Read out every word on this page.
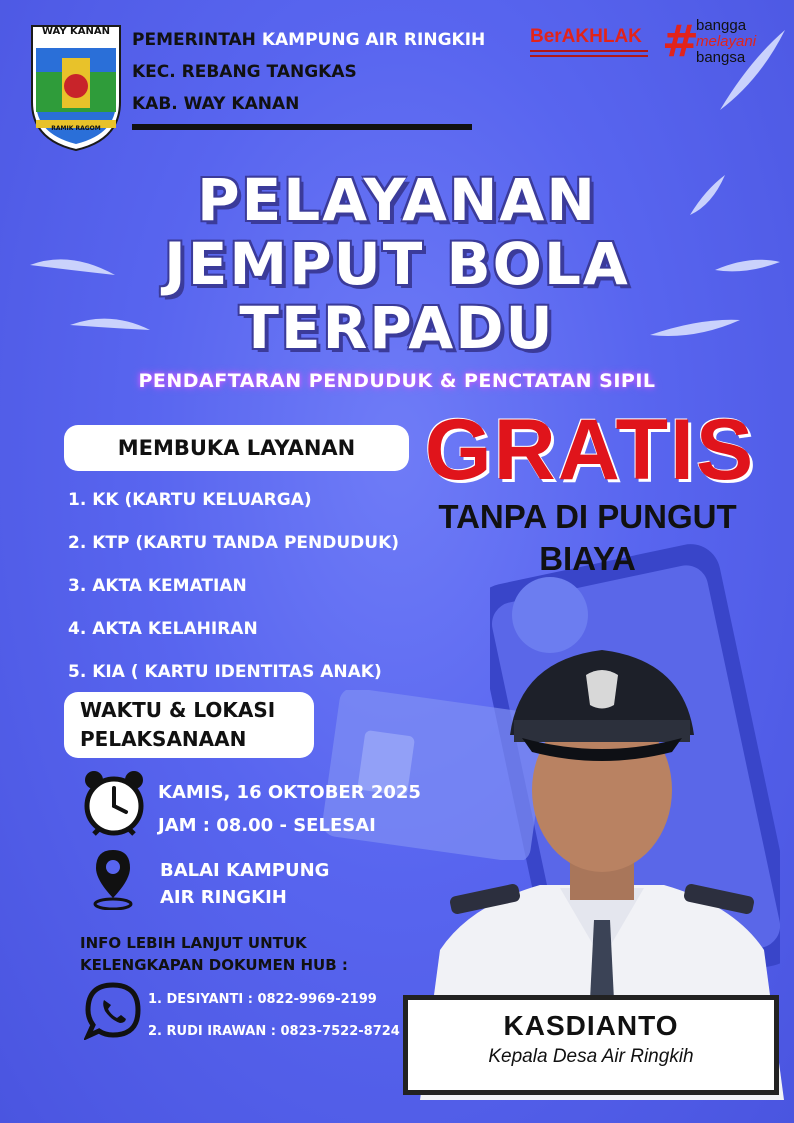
WAY KANAN
RAMIK RAGOM
PEMERINTAH KAMPUNG AIR RINGKIH
KEC. REBANG TANGKAS
KAB. WAY KANAN
BerAKHLAK #
bangga
melayani
bangsa
PELAYANAN
JEMPUT BOLA
TERPADU
PENDAFTARAN PENDUDUK & PENCTATAN SIPIL
MEMBUKA LAYANAN GRATIS
TANPA DI PUNGUT
BIAYA
1. KK (KARTU KELUARGA)
2. KTP (KARTU TANDA PENDUDUK)
3. AKTA KEMATIAN
4. AKTA KELAHIRAN
5. KIA ( KARTU IDENTITAS ANAK)
WAKTU & LOKASI
PELAKSANAAN
KAMIS, 16 OKTOBER 2025
JAM : 08.00 - SELESAI
BALAI KAMPUNG
AIR RINGKIH
INFO LEBIH LANJUT UNTUK
KELENGKAPAN DOKUMEN HUB :
1. DESIYANTI : 0822-9969-2199
2. RUDI IRAWAN : 0823-7522-8724	KASDIANTO
Kepala Desa Air Ringkih
